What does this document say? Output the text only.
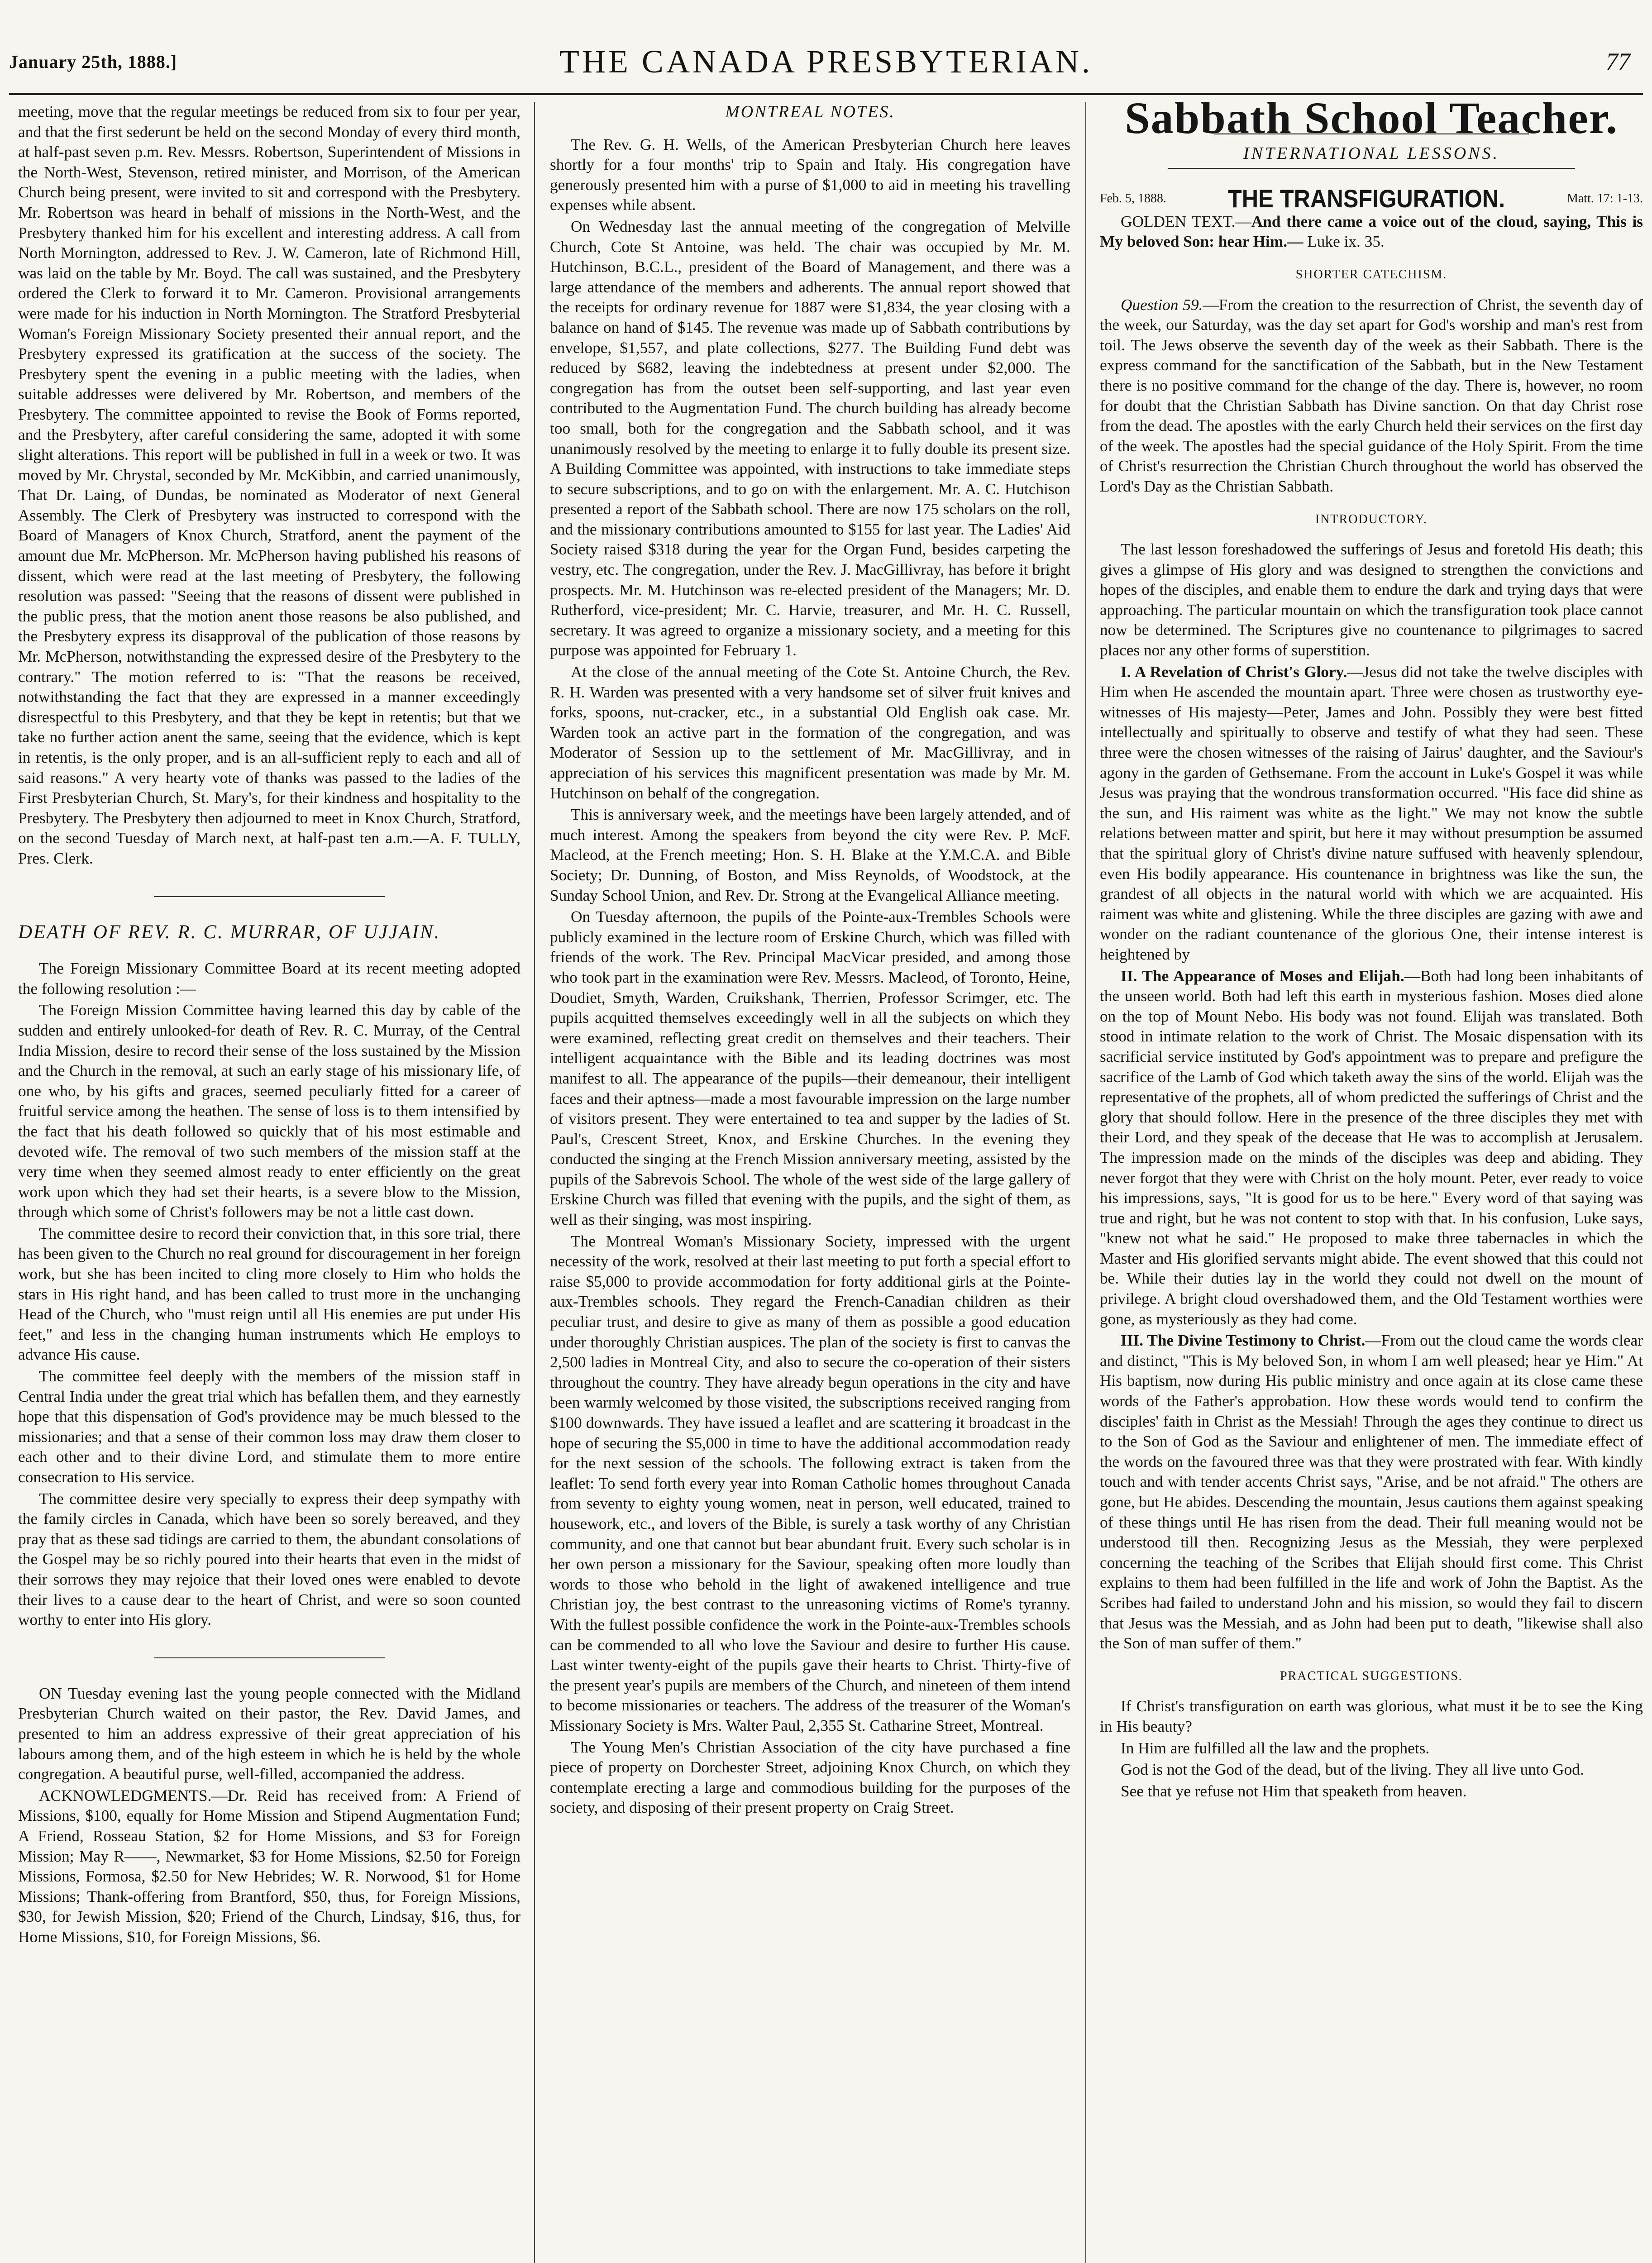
January 25th, 1888.]	THE CANADA PRESBYTERIAN.	77

meeting, move that the regular meetings be reduced from six to four per year, and that the first sederunt be held on the second Monday of every third month, at half-past seven p.m. Rev. Messrs. Robertson, Superintendent of Missions in the North-West, Stevenson, retired minister, and Morrison, of the American Church being present, were invited to sit and correspond with the Presbytery. Mr. Robertson was heard in behalf of missions in the North-West, and the Presbytery thanked him for his excellent and interesting address. A call from North Mornington, addressed to Rev. J. W. Cameron, late of Richmond Hill, was laid on the table by Mr. Boyd. The call was sustained, and the Presbytery ordered the Clerk to forward it to Mr. Cameron. Provisional arrangements were made for his induction in North Mornington. The Stratford Presbyterial Woman's Foreign Missionary Society presented their annual report, and the Presbytery expressed its gratification at the success of the society. The Presbytery spent the evening in a public meeting with the ladies, when suitable addresses were delivered by Mr. Robertson, and members of the Presbytery. The committee appointed to revise the Book of Forms reported, and the Presbytery, after careful considering the same, adopted it with some slight alterations. This report will be published in full in a week or two. It was moved by Mr. Chrystal, seconded by Mr. McKibbin, and carried unanimously, That Dr. Laing, of Dundas, be nominated as Moderator of next General Assembly. The Clerk of Presbytery was instructed to correspond with the Board of Managers of Knox Church, Stratford, anent the payment of the amount due Mr. McPherson. Mr. McPherson having published his reasons of dissent, which were read at the last meeting of Presbytery, the following resolution was passed: "Seeing that the reasons of dissent were published in the public press, that the motion anent those reasons be also published, and the Presbytery express its disapproval of the publication of those reasons by Mr. McPherson, notwithstanding the expressed desire of the Presbytery to the contrary." The motion referred to is: "That the reasons be received, notwithstanding the fact that they are expressed in a manner exceedingly disrespectful to this Presbytery, and that they be kept in retentis; but that we take no further action anent the same, seeing that the evidence, which is kept in retentis, is the only proper, and is an all-sufficient reply to each and all of said reasons." A very hearty vote of thanks was passed to the ladies of the First Presbyterian Church, St. Mary's, for their kindness and hospitality to the Presbytery. The Presbytery then adjourned to meet in Knox Church, Stratford, on the second Tuesday of March next, at half-past ten a.m.—A. F. TULLY, Pres. Clerk.

DEATH OF REV. R. C. MURRAR, OF UJJAIN.

The Foreign Missionary Committee Board at its recent meeting adopted the following resolution :—

The Foreign Mission Committee having learned this day by cable of the sudden and entirely unlooked-for death of Rev. R. C. Murray, of the Central India Mission, desire to record their sense of the loss sustained by the Mission and the Church in the removal, at such an early stage of his missionary life, of one who, by his gifts and graces, seemed peculiarly fitted for a career of fruitful service among the heathen. The sense of loss is to them intensified by the fact that his death followed so quickly that of his most estimable and devoted wife. The removal of two such members of the mission staff at the very time when they seemed almost ready to enter efficiently on the great work upon which they had set their hearts, is a severe blow to the Mission, through which some of Christ's followers may be not a little cast down.

The committee desire to record their conviction that, in this sore trial, there has been given to the Church no real ground for discouragement in her foreign work, but she has been incited to cling more closely to Him who holds the stars in His right hand, and has been called to trust more in the unchanging Head of the Church, who "must reign until all His enemies are put under His feet," and less in the changing human instruments which He employs to advance His cause.

The committee feel deeply with the members of the mission staff in Central India under the great trial which has befallen them, and they earnestly hope that this dispensation of God's providence may be much blessed to the missionaries; and that a sense of their common loss may draw them closer to each other and to their divine Lord, and stimulate them to more entire consecration to His service.

The committee desire very specially to express their deep sympathy with the family circles in Canada, which have been so sorely bereaved, and they pray that as these sad tidings are carried to them, the abundant consolations of the Gospel may be so richly poured into their hearts that even in the midst of their sorrows they may rejoice that their loved ones were enabled to devote their lives to a cause dear to the heart of Christ, and were so soon counted worthy to enter into His glory.

ON Tuesday evening last the young people connected with the Midland Presbyterian Church waited on their pastor, the Rev. David James, and presented to him an address expressive of their great appreciation of his labours among them, and of the high esteem in which he is held by the whole congregation. A beautiful purse, well-filled, accompanied the address.

ACKNOWLEDGMENTS.—Dr. Reid has received from: A Friend of Missions, $100, equally for Home Mission and Stipend Augmentation Fund; A Friend, Rosseau Station, $2 for Home Missions, and $3 for Foreign Mission; May R——, Newmarket, $3 for Home Missions, $2.50 for Foreign Missions, Formosa, $2.50 for New Hebrides; W. R. Norwood, $1 for Home Missions; Thank-offering from Brantford, $50, thus, for Foreign Missions, $30, for Jewish Mission, $20; Friend of the Church, Lindsay, $16, thus, for Home Missions, $10, for Foreign Missions, $6.

MONTREAL NOTES.

The Rev. G. H. Wells, of the American Presbyterian Church here leaves shortly for a four months' trip to Spain and Italy. His congregation have generously presented him with a purse of $1,000 to aid in meeting his travelling expenses while absent.

On Wednesday last the annual meeting of the congregation of Melville Church, Cote St Antoine, was held. The chair was occupied by Mr. M. Hutchinson, B.C.L., president of the Board of Management, and there was a large attendance of the members and adherents. The annual report showed that the receipts for ordinary revenue for 1887 were $1,834, the year closing with a balance on hand of $145. The revenue was made up of Sabbath contributions by envelope, $1,557, and plate collections, $277. The Building Fund debt was reduced by $682, leaving the indebtedness at present under $2,000. The congregation has from the outset been self-supporting, and last year even contributed to the Augmentation Fund. The church building has already become too small, both for the congregation and the Sabbath school, and it was unanimously resolved by the meeting to enlarge it to fully double its present size. A Building Committee was appointed, with instructions to take immediate steps to secure subscriptions, and to go on with the enlargement. Mr. A. C. Hutchison presented a report of the Sabbath school. There are now 175 scholars on the roll, and the missionary contributions amounted to $155 for last year. The Ladies' Aid Society raised $318 during the year for the Organ Fund, besides carpeting the vestry, etc. The congregation, under the Rev. J. MacGillivray, has before it bright prospects. Mr. M. Hutchinson was re-elected president of the Managers; Mr. D. Rutherford, vice-president; Mr. C. Harvie, treasurer, and Mr. H. C. Russell, secretary. It was agreed to organize a missionary society, and a meeting for this purpose was appointed for February 1.

At the close of the annual meeting of the Cote St. Antoine Church, the Rev. R. H. Warden was presented with a very handsome set of silver fruit knives and forks, spoons, nut-cracker, etc., in a substantial Old English oak case. Mr. Warden took an active part in the formation of the congregation, and was Moderator of Session up to the settlement of Mr. MacGillivray, and in appreciation of his services this magnificent presentation was made by Mr. M. Hutchinson on behalf of the congregation.

This is anniversary week, and the meetings have been largely attended, and of much interest. Among the speakers from beyond the city were Rev. P. McF. Macleod, at the French meeting; Hon. S. H. Blake at the Y.M.C.A. and Bible Society; Dr. Dunning, of Boston, and Miss Reynolds, of Woodstock, at the Sunday School Union, and Rev. Dr. Strong at the Evangelical Alliance meeting.

On Tuesday afternoon, the pupils of the Pointe-aux-Trembles Schools were publicly examined in the lecture room of Erskine Church, which was filled with friends of the work. The Rev. Principal MacVicar presided, and among those who took part in the examination were Rev. Messrs. Macleod, of Toronto, Heine, Doudiet, Smyth, Warden, Cruikshank, Therrien, Professor Scrimger, etc. The pupils acquitted themselves exceedingly well in all the subjects on which they were examined, reflecting great credit on themselves and their teachers. Their intelligent acquaintance with the Bible and its leading doctrines was most manifest to all. The appearance of the pupils—their demeanour, their intelligent faces and their aptness—made a most favourable impression on the large number of visitors present. They were entertained to tea and supper by the ladies of St. Paul's, Crescent Street, Knox, and Erskine Churches. In the evening they conducted the singing at the French Mission anniversary meeting, assisted by the pupils of the Sabrevois School. The whole of the west side of the large gallery of Erskine Church was filled that evening with the pupils, and the sight of them, as well as their singing, was most inspiring.

The Montreal Woman's Missionary Society, impressed with the urgent necessity of the work, resolved at their last meeting to put forth a special effort to raise $5,000 to provide accommodation for forty additional girls at the Pointe-aux-Trembles schools. They regard the French-Canadian children as their peculiar trust, and desire to give as many of them as possible a good education under thoroughly Christian auspices. The plan of the society is first to canvas the 2,500 ladies in Montreal City, and also to secure the co-operation of their sisters throughout the country. They have already begun operations in the city and have been warmly welcomed by those visited, the subscriptions received ranging from $100 downwards. They have issued a leaflet and are scattering it broadcast in the hope of securing the $5,000 in time to have the additional accommodation ready for the next session of the schools. The following extract is taken from the leaflet: To send forth every year into Roman Catholic homes throughout Canada from seventy to eighty young women, neat in person, well educated, trained to housework, etc., and lovers of the Bible, is surely a task worthy of any Christian community, and one that cannot but bear abundant fruit. Every such scholar is in her own person a missionary for the Saviour, speaking often more loudly than words to those who behold in the light of awakened intelligence and true Christian joy, the best contrast to the unreasoning victims of Rome's tyranny. With the fullest possible confidence the work in the Pointe-aux-Trembles schools can be commended to all who love the Saviour and desire to further His cause. Last winter twenty-eight of the pupils gave their hearts to Christ. Thirty-five of the present year's pupils are members of the Church, and nineteen of them intend to become missionaries or teachers. The address of the treasurer of the Woman's Missionary Society is Mrs. Walter Paul, 2,355 St. Catharine Street, Montreal.

The Young Men's Christian Association of the city have purchased a fine piece of property on Dorchester Street, adjoining Knox Church, on which they contemplate erecting a large and commodious building for the purposes of the society, and disposing of their present property on Craig Street.

Sabbath School Teacher.
INTERNATIONAL LESSONS.
Feb. 5, 1888. THE TRANSFIGURATION.	Matt. 17: 1-13.

GOLDEN TEXT.—And there came a voice out of the cloud, saying, This is My beloved Son: hear Him.— Luke ix. 35.

SHORTER CATECHISM.

Question 59.—From the creation to the resurrection of Christ, the seventh day of the week, our Saturday, was the day set apart for God's worship and man's rest from toil. The Jews observe the seventh day of the week as their Sabbath. There is the express command for the sanctification of the Sabbath, but in the New Testament there is no positive command for the change of the day. There is, however, no room for doubt that the Christian Sabbath has Divine sanction. On that day Christ rose from the dead. The apostles with the early Church held their services on the first day of the week. The apostles had the special guidance of the Holy Spirit. From the time of Christ's resurrection the Christian Church throughout the world has observed the Lord's Day as the Christian Sabbath.

INTRODUCTORY.

The last lesson foreshadowed the sufferings of Jesus and foretold His death; this gives a glimpse of His glory and was designed to strengthen the convictions and hopes of the disciples, and enable them to endure the dark and trying days that were approaching. The particular mountain on which the transfiguration took place cannot now be determined. The Scriptures give no countenance to pilgrimages to sacred places nor any other forms of superstition.

I. A Revelation of Christ's Glory.—Jesus did not take the twelve disciples with Him when He ascended the mountain apart. Three were chosen as trustworthy eye-witnesses of His majesty—Peter, James and John. Possibly they were best fitted intellectually and spiritually to observe and testify of what they had seen. These three were the chosen witnesses of the raising of Jairus' daughter, and the Saviour's agony in the garden of Gethsemane. From the account in Luke's Gospel it was while Jesus was praying that the wondrous transformation occurred. "His face did shine as the sun, and His raiment was white as the light." We may not know the subtle relations between matter and spirit, but here it may without presumption be assumed that the spiritual glory of Christ's divine nature suffused with heavenly splendour, even His bodily appearance. His countenance in brightness was like the sun, the grandest of all objects in the natural world with which we are acquainted. His raiment was white and glistening. While the three disciples are gazing with awe and wonder on the radiant countenance of the glorious One, their intense interest is heightened by

II. The Appearance of Moses and Elijah.—Both had long been inhabitants of the unseen world. Both had left this earth in mysterious fashion. Moses died alone on the top of Mount Nebo. His body was not found. Elijah was translated. Both stood in intimate relation to the work of Christ. The Mosaic dispensation with its sacrificial service instituted by God's appointment was to prepare and prefigure the sacrifice of the Lamb of God which taketh away the sins of the world. Elijah was the representative of the prophets, all of whom predicted the sufferings of Christ and the glory that should follow. Here in the presence of the three disciples they met with their Lord, and they speak of the decease that He was to accomplish at Jerusalem. The impression made on the minds of the disciples was deep and abiding. They never forgot that they were with Christ on the holy mount. Peter, ever ready to voice his impressions, says, "It is good for us to be here." Every word of that saying was true and right, but he was not content to stop with that. In his confusion, Luke says, "knew not what he said." He proposed to make three tabernacles in which the Master and His glorified servants might abide. The event showed that this could not be. While their duties lay in the world they could not dwell on the mount of privilege. A bright cloud overshadowed them, and the Old Testament worthies were gone, as mysteriously as they had come.

III. The Divine Testimony to Christ.—From out the cloud came the words clear and distinct, "This is My beloved Son, in whom I am well pleased; hear ye Him." At His baptism, now during His public ministry and once again at its close came these words of the Father's approbation. How these words would tend to confirm the disciples' faith in Christ as the Messiah! Through the ages they continue to direct us to the Son of God as the Saviour and enlightener of men. The immediate effect of the words on the favoured three was that they were prostrated with fear. With kindly touch and with tender accents Christ says, "Arise, and be not afraid." The others are gone, but He abides. Descending the mountain, Jesus cautions them against speaking of these things until He has risen from the dead. Their full meaning would not be understood till then. Recognizing Jesus as the Messiah, they were perplexed concerning the teaching of the Scribes that Elijah should first come. This Christ explains to them had been fulfilled in the life and work of John the Baptist. As the Scribes had failed to understand John and his mission, so would they fail to discern that Jesus was the Messiah, and as John had been put to death, "likewise shall also the Son of man suffer of them."

PRACTICAL SUGGESTIONS.

If Christ's transfiguration on earth was glorious, what must it be to see the King in His beauty?

In Him are fulfilled all the law and the prophets.

God is not the God of the dead, but of the living. They all live unto God.

See that ye refuse not Him that speaketh from heaven.
